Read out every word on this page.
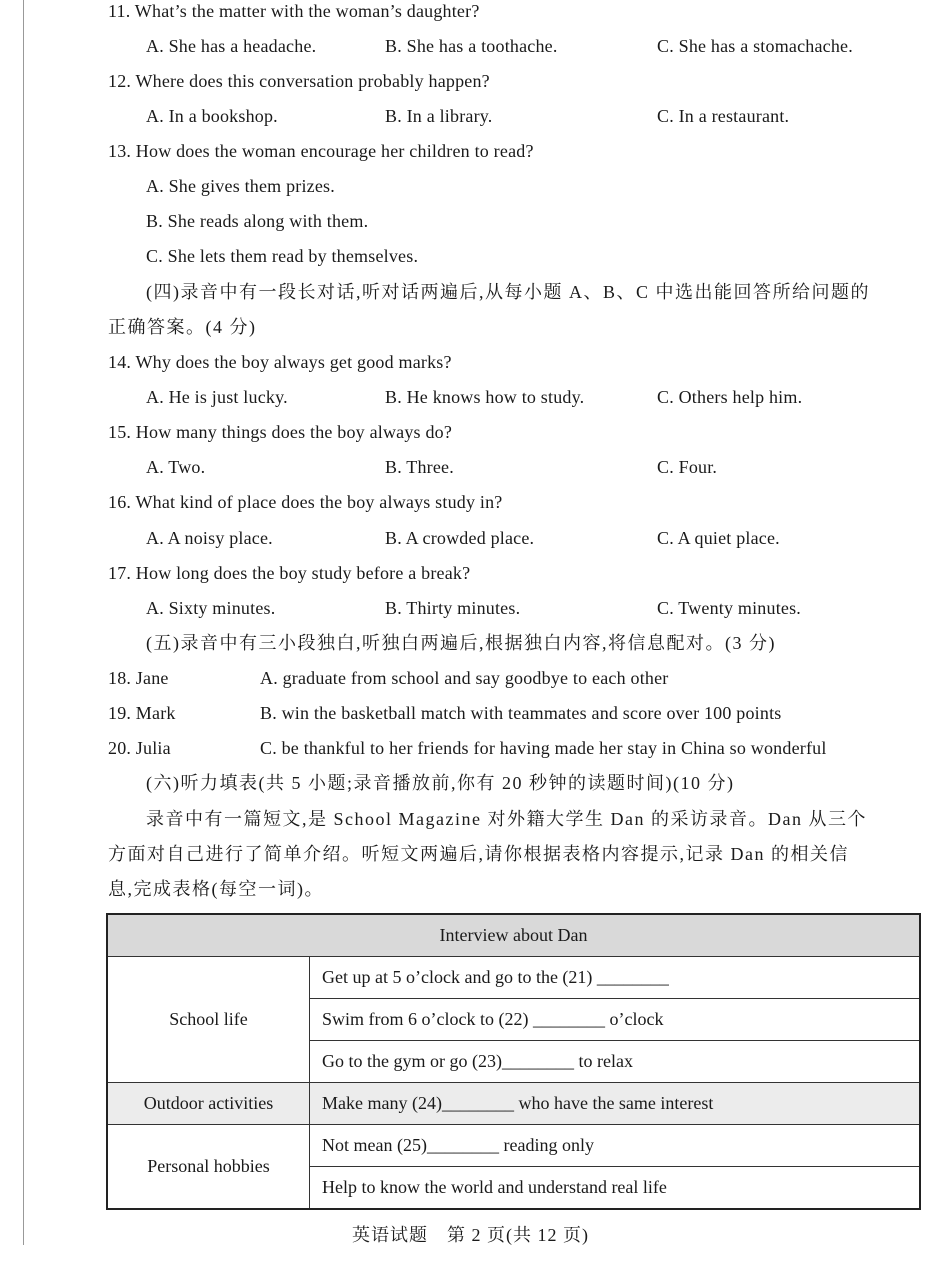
11. What’s the matter with the woman’s daughter?
A. She has a headache.	B. She has a toothache.	C. She has a stomachache.
12. Where does this conversation probably happen?
A. In a bookshop.	B. In a library.	C. In a restaurant.
13. How does the woman encourage her children to read?
A. She gives them prizes.
B. She reads along with them.
C. She lets them read by themselves.
(四)录音中有一段长对话,听对话两遍后,从每小题 A、B、C 中选出能回答所给问题的
正确答案。(4 分)
14. Why does the boy always get good marks?
A. He is just lucky.	B. He knows how to study.	C. Others help him.
15. How many things does the boy always do?
A. Two.	B. Three.	C. Four.
16. What kind of place does the boy always study in?
A. A noisy place.	B. A crowded place.	C. A quiet place.
17. How long does the boy study before a break?
A. Sixty minutes.	B. Thirty minutes.	C. Twenty minutes.
(五)录音中有三小段独白,听独白两遍后,根据独白内容,将信息配对。(3 分)
18. Jane	A. graduate from school and say goodbye to each other
19. Mark	B. win the basketball match with teammates and score over 100 points
20. Julia	C. be thankful to her friends for having made her stay in China so wonderful
(六)听力填表(共 5 小题;录音播放前,你有 20 秒钟的读题时间)(10 分)
录音中有一篇短文,是 School Magazine 对外籍大学生 Dan 的采访录音。Dan 从三个
方面对自己进行了简单介绍。听短文两遍后,请你根据表格内容提示,记录 Dan 的相关信
息,完成表格(每空一词)。
Interview about Dan	
School life	Get up at 5 o’clock and go to the (21) ________
	Swim from 6 o’clock to (22) ________ o’clock
	Go to the gym or go (23)________ to relax
Outdoor activities	Make many (24)________ who have the same interest
Personal hobbies	Not mean (25)________ reading only
	Help to know the world and understand real life
英语试题　第 2 页(共 12 页)
